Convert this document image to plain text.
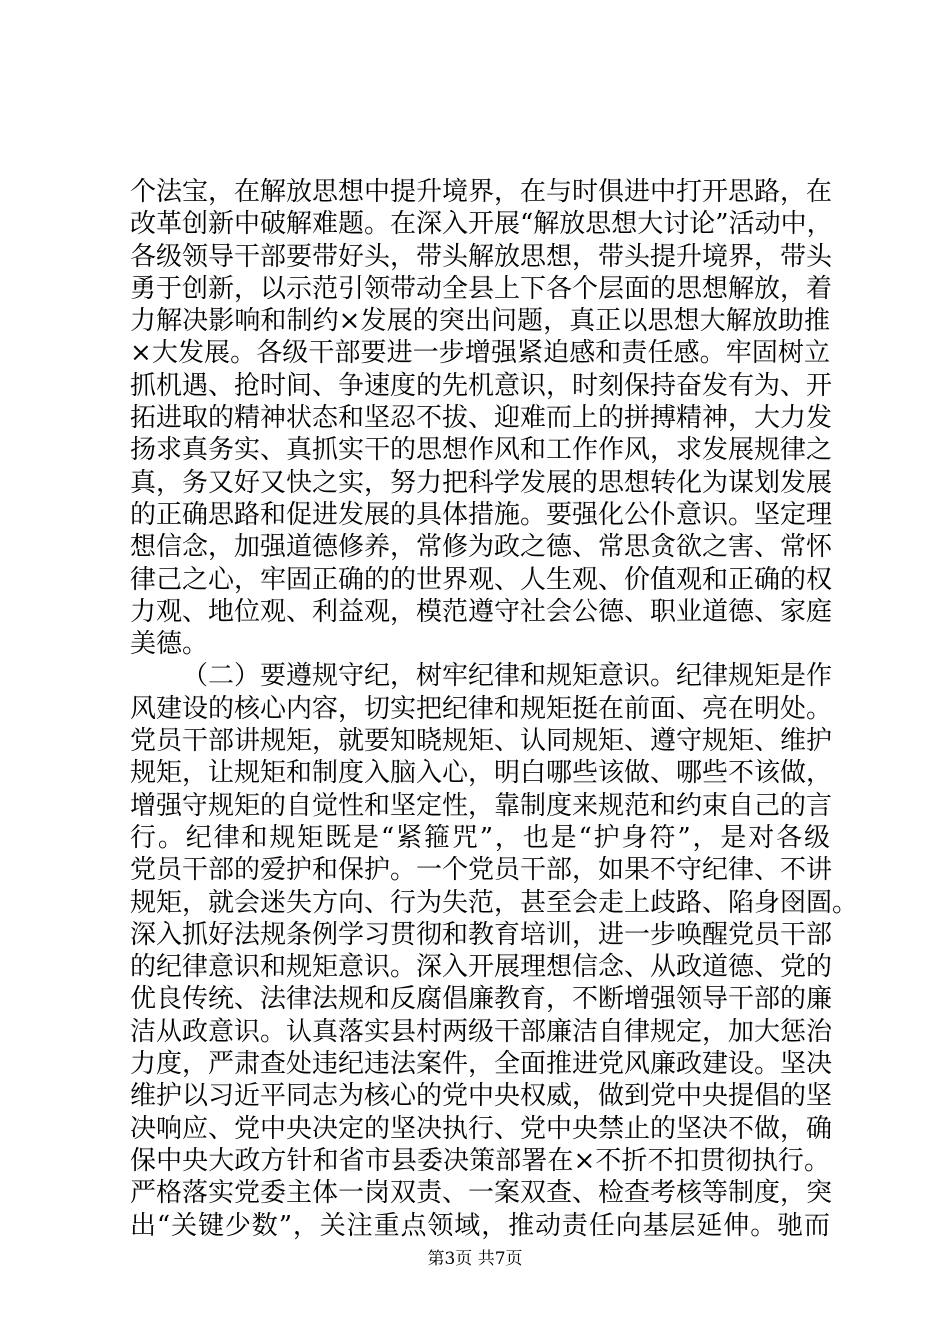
个法宝，在解放思想中提升境界，在与时俱进中打开思路，在
改革创新中破解难题。在深入开展“解放思想大讨论”活动中，
各级领导干部要带好头，带头解放思想，带头提升境界，带头
勇于创新，以示范引领带动全县上下各个层面的思想解放，着
力解决影响和制约×发展的突出问题，真正以思想大解放助推
×大发展。各级干部要进一步增强紧迫感和责任感。牢固树立
抓机遇、抢时间、争速度的先机意识，时刻保持奋发有为、开
拓进取的精神状态和坚忍不拔、迎难而上的拼搏精神，大力发
扬求真务实、真抓实干的思想作风和工作作风，求发展规律之
真，务又好又快之实，努力把科学发展的思想转化为谋划发展
的正确思路和促进发展的具体措施。要强化公仆意识。坚定理
想信念，加强道德修养，常修为政之德、常思贪欲之害、常怀
律己之心，牢固正确的的世界观、人生观、价值观和正确的权
力观、地位观、利益观，模范遵守社会公德、职业道德、家庭
美德。
（二）要遵规守纪，树牢纪律和规矩意识。纪律规矩是作
风建设的核心内容，切实把纪律和规矩挺在前面、亮在明处。
党员干部讲规矩，就要知晓规矩、认同规矩、遵守规矩、维护
规矩，让规矩和制度入脑入心，明白哪些该做、哪些不该做，
增强守规矩的自觉性和坚定性，靠制度来规范和约束自己的言
行。纪律和规矩既是“紧箍咒”，也是“护身符”，是对各级
党员干部的爱护和保护。一个党员干部，如果不守纪律、不讲
规矩，就会迷失方向、行为失范，甚至会走上歧路、陷身囹圄。
深入抓好法规条例学习贯彻和教育培训，进一步唤醒党员干部
的纪律意识和规矩意识。深入开展理想信念、从政道德、党的
优良传统、法律法规和反腐倡廉教育，不断增强领导干部的廉
洁从政意识。认真落实县村两级干部廉洁自律规定，加大惩治
力度，严肃查处违纪违法案件，全面推进党风廉政建设。坚决
维护以习近平同志为核心的党中央权威，做到党中央提倡的坚
决响应、党中央决定的坚决执行、党中央禁止的坚决不做，确
保中央大政方针和省市县委决策部署在×不折不扣贯彻执行。
严格落实党委主体一岗双责、一案双查、检查考核等制度，突
出“关键少数”，关注重点领域，推动责任向基层延伸。驰而
第3页 共7页
